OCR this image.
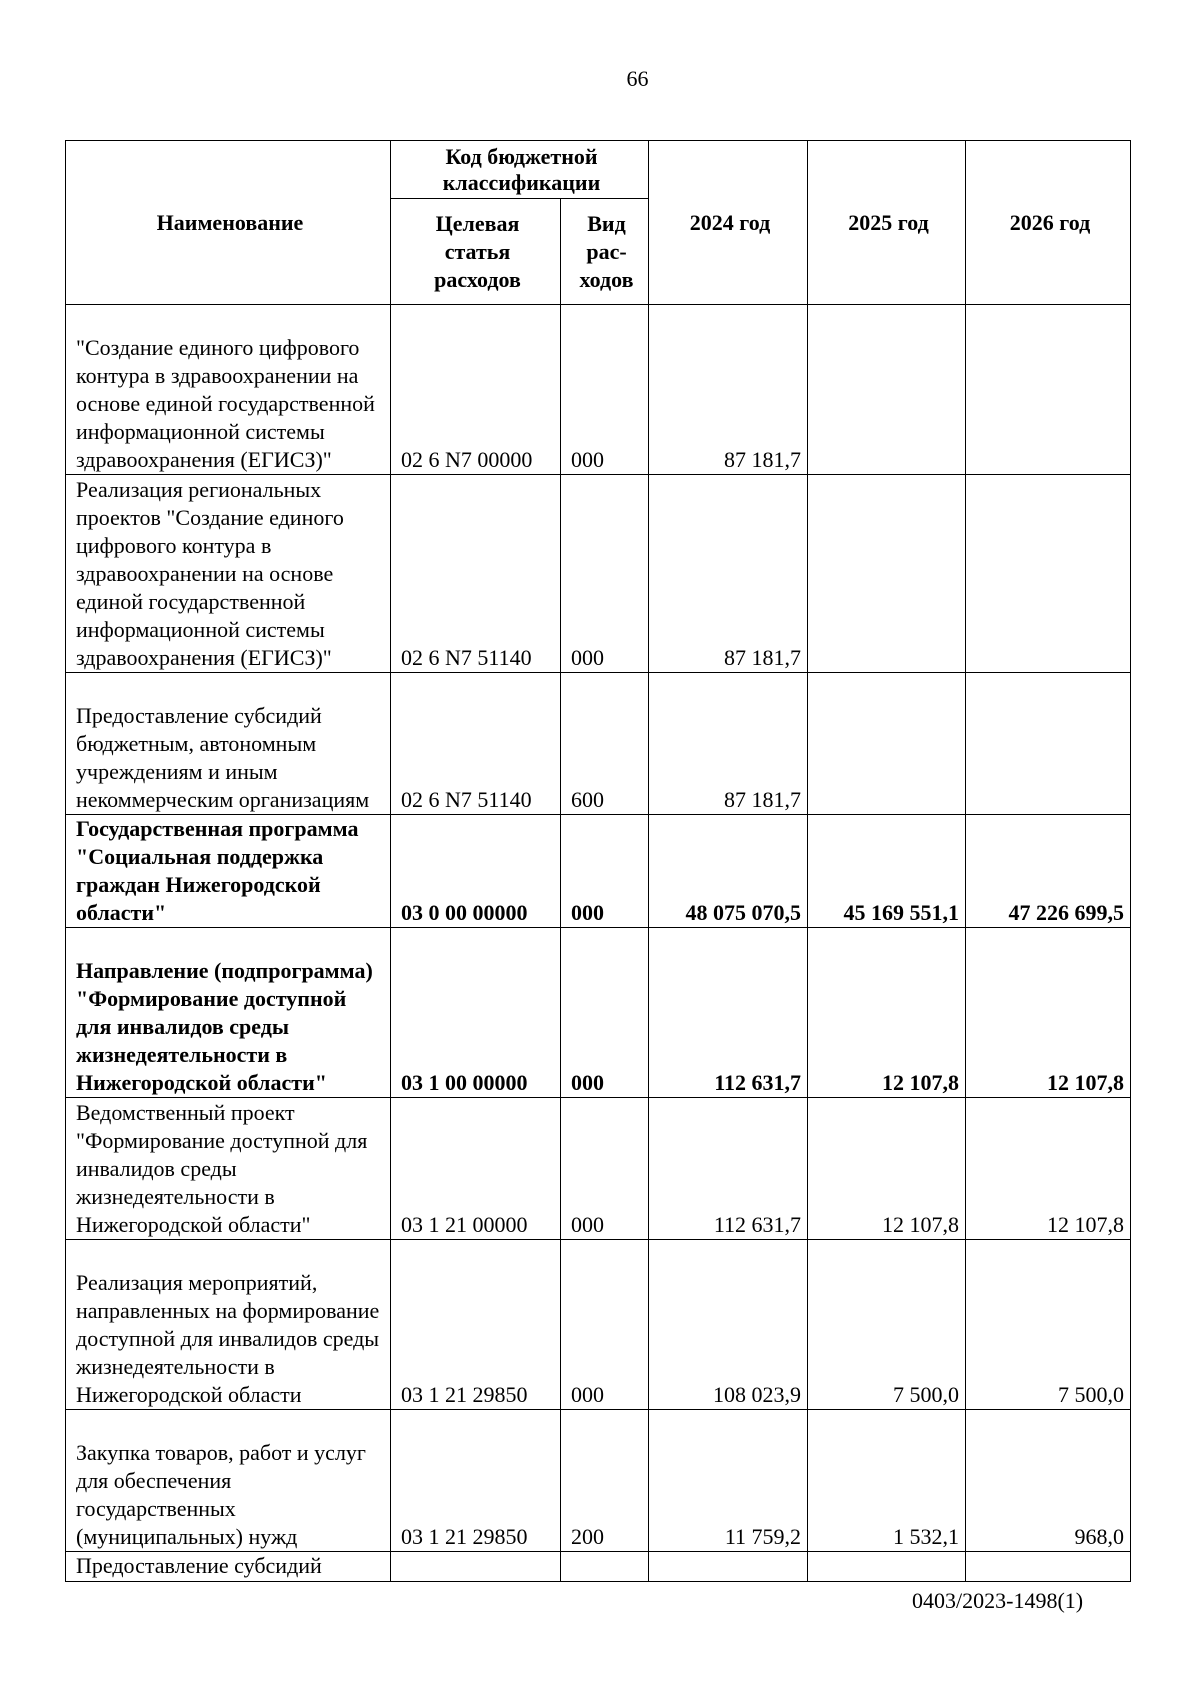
66
Наименование	Код бюджетной классификации		2024 год	2025 год	2026 год
	Целевая статья расходов	Вид рас-ходов			
"Создание единого цифрового контура в здравоохранении на основе единой государственной информационной системы здравоохранения (ЕГИСЗ)"	02 6 N7 00000	000	87 181,7		
Реализация региональных проектов "Создание единого цифрового контура в здравоохранении на основе единой государственной информационной системы здравоохранения (ЕГИСЗ)"	02 6 N7 51140	000	87 181,7		
Предоставление субсидий бюджетным, автономным учреждениям и иным некоммерческим организациям	02 6 N7 51140	600	87 181,7		
Государственная программа "Социальная поддержка граждан Нижегородской области"	03 0 00 00000	000	48 075 070,5	45 169 551,1	47 226 699,5
Направление (подпрограмма) "Формирование доступной для инвалидов среды жизнедеятельности в Нижегородской области"	03 1 00 00000	000	112 631,7	12 107,8	12 107,8
Ведомственный проект "Формирование доступной для инвалидов среды жизнедеятельности в Нижегородской области"	03 1 21 00000	000	112 631,7	12 107,8	12 107,8
Реализация мероприятий, направленных на формирование доступной для инвалидов среды жизнедеятельности в Нижегородской области	03 1 21 29850	000	108 023,9	7 500,0	7 500,0
Закупка товаров, работ и услуг для обеспечения государственных (муниципальных) нужд	03 1 21 29850	200	11 759,2	1 532,1	968,0
Предоставление субсидий					
0403/2023-1498(1)
